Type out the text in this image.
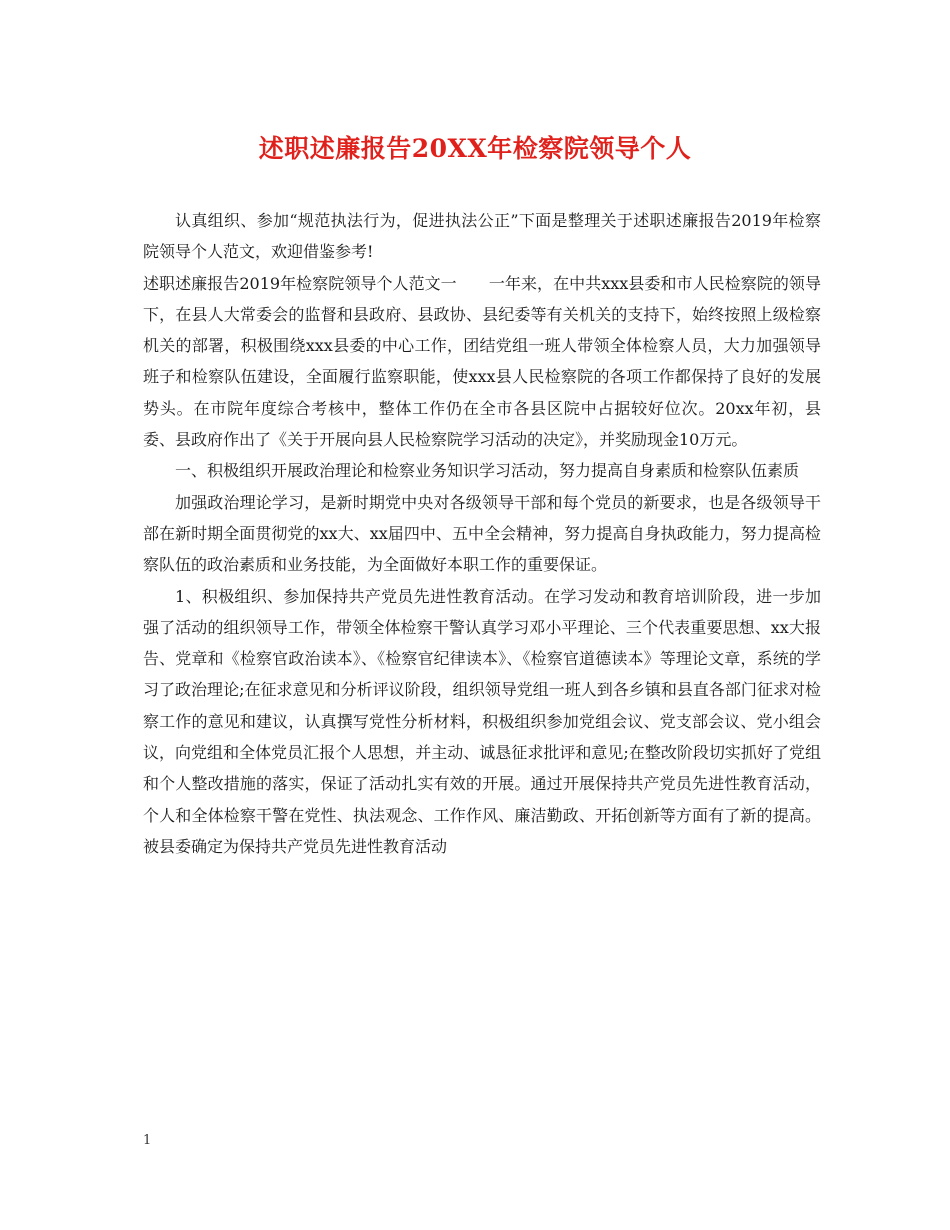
述职述廉报告20XX年检察院领导个人

认真组织、参加“规范执法行为，促进执法公正”下面是整理关于述职述廉报告2019年检察院领导个人范文，欢迎借鉴参考!

述职述廉报告2019年检察院领导个人范文一　　一年来，在中共xxx县委和市人民检察院的领导下，在县人大常委会的监督和县政府、县政协、县纪委等有关机关的支持下，始终按照上级检察机关的部署，积极围绕xxx县委的中心工作，团结党组一班人带领全体检察人员，大力加强领导班子和检察队伍建设，全面履行监察职能，使xxx县人民检察院的各项工作都保持了良好的发展势头。在市院年度综合考核中，整体工作仍在全市各县区院中占据较好位次。20xx年初，县委、县政府作出了《关于开展向县人民检察院学习活动的决定》，并奖励现金10万元。

一、积极组织开展政治理论和检察业务知识学习活动，努力提高自身素质和检察队伍素质

加强政治理论学习，是新时期党中央对各级领导干部和每个党员的新要求，也是各级领导干部在新时期全面贯彻党的xx大、xx届四中、五中全会精神，努力提高自身执政能力，努力提高检察队伍的政治素质和业务技能，为全面做好本职工作的重要保证。

1、积极组织、参加保持共产党员先进性教育活动。在学习发动和教育培训阶段，进一步加强了活动的组织领导工作，带领全体检察干警认真学习邓小平理论、三个代表重要思想、xx大报告、党章和《检察官政治读本》、《检察官纪律读本》、《检察官道德读本》等理论文章，系统的学习了政治理论;在征求意见和分析评议阶段，组织领导党组一班人到各乡镇和县直各部门征求对检察工作的意见和建议，认真撰写党性分析材料，积极组织参加党组会议、党支部会议、党小组会议，向党组和全体党员汇报个人思想，并主动、诚恳征求批评和意见;在整改阶段切实抓好了党组和个人整改措施的落实，保证了活动扎实有效的开展。通过开展保持共产党员先进性教育活动，个人和全体检察干警在党性、执法观念、工作作风、廉洁勤政、开拓创新等方面有了新的提高。被县委确定为保持共产党员先进性教育活动

1
